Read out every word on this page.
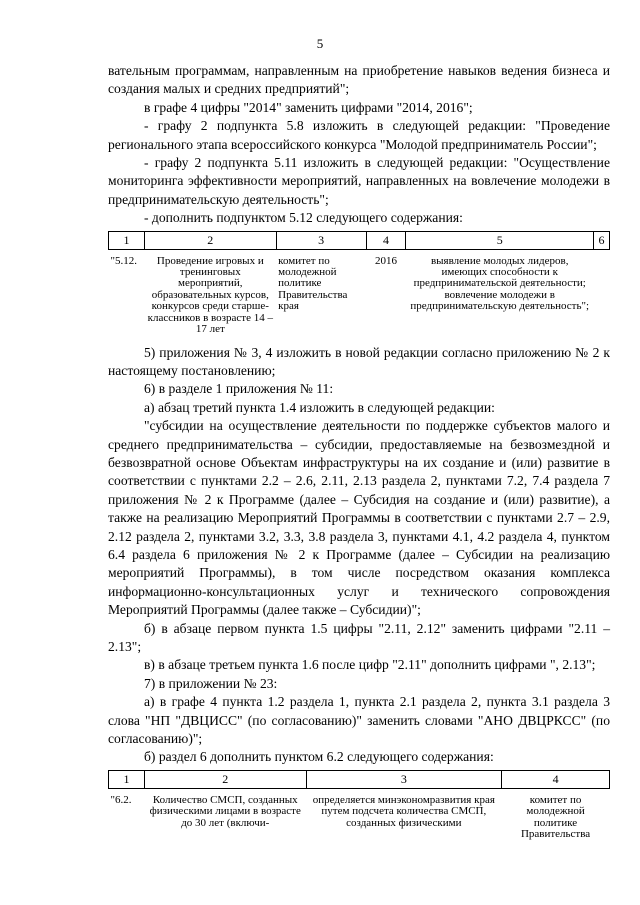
5

вательным программам, направленным на приобретение навыков ведения бизнеса и создания малых и средних предприятий";

в графе 4 цифры "2014" заменить цифрами "2014, 2016";

- графу 2 подпункта 5.8 изложить в следующей редакции: "Проведение регионального этапа всероссийского конкурса "Молодой предприниматель России";

- графу 2 подпункта 5.11 изложить в следующей редакции: "Осуществление мониторинга эффективности мероприятий, направленных на вовлечение молодежи в предпринимательскую деятельность";

- дополнить подпунктом 5.12 следующего содержания:

1	2	3	4	5	6
"5.12.	Проведение игровых и тренинговых мероприятий, образовательных курсов, конкурсов среди старше-классников в возрасте 14 – 17 лет	комитет по молодежной политике Правительства края	2016	выявление молодых лидеров, имеющих способности к предпринимательской деятельности; вовлечение молодежи в предпринимательскую деятельность";	

5) приложения № 3, 4 изложить в новой редакции согласно приложению № 2 к настоящему постановлению;

6) в разделе 1 приложения № 11:

а) абзац третий пункта 1.4 изложить в следующей редакции:

"субсидии на осуществление деятельности по поддержке субъектов малого и среднего предпринимательства – субсидии, предоставляемые на безвозмездной и безвозвратной основе Объектам инфраструктуры на их создание и (или) развитие в соответствии с пунктами 2.2 – 2.6, 2.11, 2.13 раздела 2, пунктами 7.2, 7.4 раздела 7 приложения № 2 к Программе (далее – Субсидия на создание и (или) развитие), а также на реализацию Мероприятий Программы в соответствии с пунктами 2.7 – 2.9, 2.12 раздела 2, пунктами 3.2, 3.3, 3.8 раздела 3, пунктами 4.1, 4.2 раздела 4, пунктом 6.4 раздела 6 приложения № 2 к Программе (далее – Субсидии на реализацию мероприятий Программы), в том числе посредством оказания комплекса информационно-консультационных услуг и технического сопровождения Мероприятий Программы (далее также – Субсидии)";

б) в абзаце первом пункта 1.5 цифры "2.11, 2.12" заменить цифрами "2.11 – 2.13";

в) в абзаце третьем пункта 1.6 после цифр "2.11" дополнить цифрами ", 2.13";

7) в приложении № 23:

а) в графе 4 пункта 1.2 раздела 1, пункта 2.1 раздела 2, пункта 3.1 раздела 3 слова "НП "ДВЦИСС" (по согласованию)" заменить словами "АНО ДВЦРКСС" (по согласованию)";

б) раздел 6 дополнить пунктом 6.2 следующего содержания:

1	2	3	4
"6.2.	Количество СМСП, созданных физическими лицами в возрасте до 30 лет (включи-	определяется минэкономразвития края путем подсчета количества СМСП, созданных физическими	комитет по молодежной политике Правительства
